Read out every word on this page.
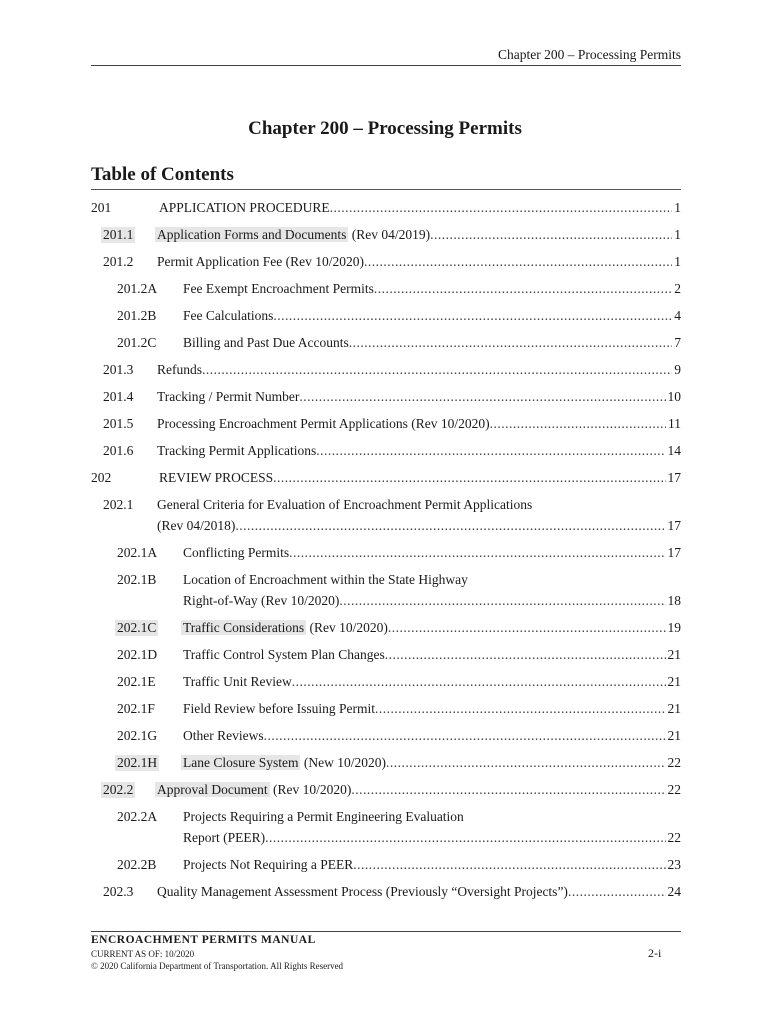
Chapter 200 – Processing Permits
Chapter 200 – Processing Permits
Table of Contents
201	APPLICATION PROCEDURE .....	1
201.1 Application Forms and Documents (Rev 04/2019) .....	1
201.2 Permit Application Fee (Rev 10/2020) .....	1
201.2A Fee Exempt Encroachment Permits .....	2
201.2B Fee Calculations .....	4
201.2C Billing and Past Due Accounts .....	7
201.3 Refunds .....	9
201.4 Tracking / Permit Number .....	10
201.5 Processing Encroachment Permit Applications (Rev 10/2020) .....	11
201.6 Tracking Permit Applications .....	14
202	REVIEW PROCESS .....	17
202.1 General Criteria for Evaluation of Encroachment Permit Applications
(Rev 04/2018) .....	17
202.1A Conflicting Permits .....	17
202.1B Location of Encroachment within the State Highway
Right-of-Way (Rev 10/2020) .....	18
202.1C Traffic Considerations (Rev 10/2020) .....	19
202.1D Traffic Control System Plan Changes .....	21
202.1E Traffic Unit Review .....	21
202.1F Field Review before Issuing Permit .....	21
202.1G Other Reviews .....	21
202.1H Lane Closure System (New 10/2020) .....	22
202.2 Approval Document (Rev 10/2020) .....	22
202.2A Projects Requiring a Permit Engineering Evaluation
Report (PEER) .....	22
202.2B Projects Not Requiring a PEER .....	23
202.3 Quality Management Assessment Process (Previously “Oversight Projects”) .....	24
ENCROACHMENT PERMITS MANUAL
CURRENT AS OF: 10/2020
© 2020 California Department of Transportation. All Rights Reserved
2-i
